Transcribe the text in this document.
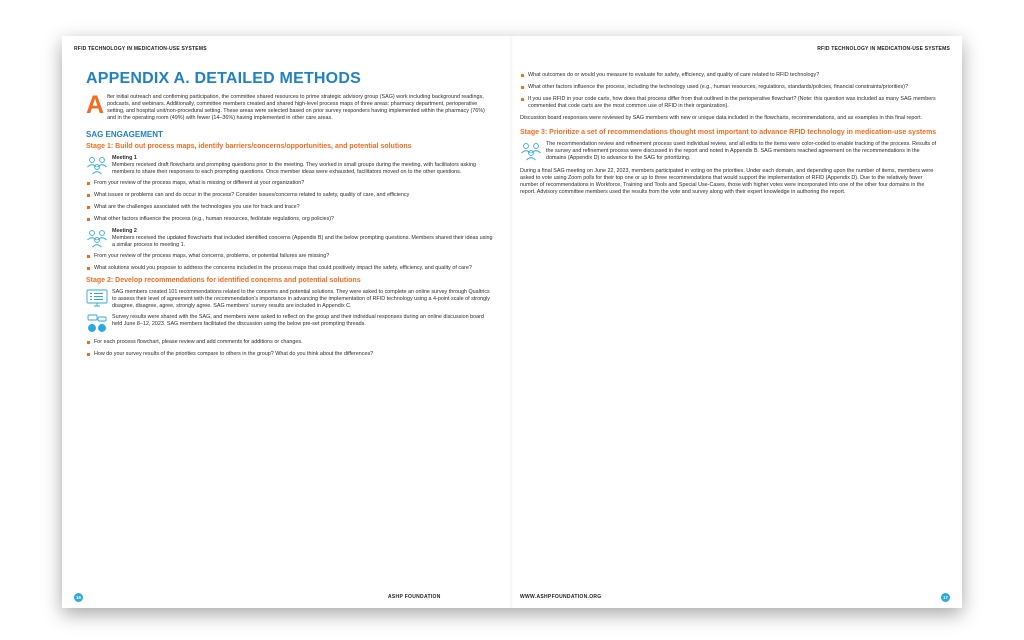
RFID TECHNOLOGY IN MEDICATION-USE SYSTEMS
APPENDIX A. DETAILED METHODS

After initial outreach and confirming participation, the committee shared resources to prime strategic advisory group (SAG) work including background readings, podcasts, and webinars. Additionally, committee members created and shared high-level process maps of three areas: pharmacy department, perioperative setting, and hospital unit/non-procedural setting. These areas were selected based on prior survey responders having implemented within the pharmacy (76%) and in the operating room (49%) with fewer (14–36%) having implemented in other care areas.

SAG ENGAGEMENT
Stage 1: Build out process maps, identify barriers/concerns/opportunities, and potential solutions
Meeting 1

Members received draft flowcharts and prompting questions prior to the meeting. They worked in small groups during the meeting, with facilitators asking members to share their responses to each prompting questions. Once member ideas were exhausted, facilitators moved on to the other questions.

From your review of the process maps, what is missing or different at your organization?
What issues or problems can and do occur in the process? Consider issues/concerns related to safety, quality of care, and efficiency
What are the challenges associated with the technologies you use for track and trace?
What other factors influence the process (e.g., human resources, fed/state regulations, org policies)?
Meeting 2

Members received the updated flowcharts that included identified concerns (Appendix B) and the below prompting questions. Members shared their ideas using a similar process to meeting 1.

From your review of the process maps, what concerns, problems, or potential failures are missing?
What solutions would you propose to address the concerns included in the process maps that could positively impact the safety, efficiency, and quality of care?
Stage 2: Develop recommendations for identified concerns and potential solutions

SAG members created 101 recommendations related to the concerns and potential solutions. They were asked to complete an online survey through Qualtrics to assess their level of agreement with the recommendation's importance in advancing the implementation of RFID technology using a 4-point scale of strongly disagree, disagree, agree, strongly agree. SAG members' survey results are included in Appendix C.

Survey results were shared with the SAG, and members were asked to reflect on the group and their individual responses during an online discussion board held June 8–12, 2023. SAG members facilitated the discussion using the below pre-set prompting threads.

For each process flowchart, please review and add comments for additions or changes.
How do your survey results of the priorities compare to others in the group? What do you think about the differences?
16	ASHP FOUNDATION
RFID TECHNOLOGY IN MEDICATION-USE SYSTEMS
What outcomes do or would you measure to evaluate for safety, efficiency, and quality of care related to RFID technology?
What other factors influence the process, including the technology used (e.g., human resources, regulations, standards/policies, financial constraints/priorities)?
If you use RFID in your code carts, how does that process differ from that outlined in the perioperative flowchart? (Note: this question was included as many SAG members commented that code carts are the most common use of RFID in their organization).

Discussion board responses were reviewed by SAG members with new or unique data included in the flowcharts, recommendations, and as examples in this final report.

Stage 3: Prioritize a set of recommendations thought most important to advance RFID technology in medication-use systems

The recommendation review and refinement process used individual review, and all edits to the items were color-coded to enable tracking of the process. Results of the survey and refinement process were discussed in the report and noted in Appendix B. SAG members reached agreement on the recommendations in the domains (Appendix D) to advance to the SAG for prioritizing.

During a final SAG meeting on June 22, 2023, members participated in voting on the priorities. Under each domain, and depending upon the number of items, members were asked to vote using Zoom polls for their top one or up to three recommendations that would support the implementation of RFID (Appendix D). Due to the relatively fewer number of recommendations in Workforce, Training and Tools and Special Use-Cases, those with higher votes were incorporated into one of the other four domains in the report. Advisory committee members used the results from the vote and survey along with their expert knowledge in authoring the report.

WWW.ASHPFOUNDATION.ORG	17
